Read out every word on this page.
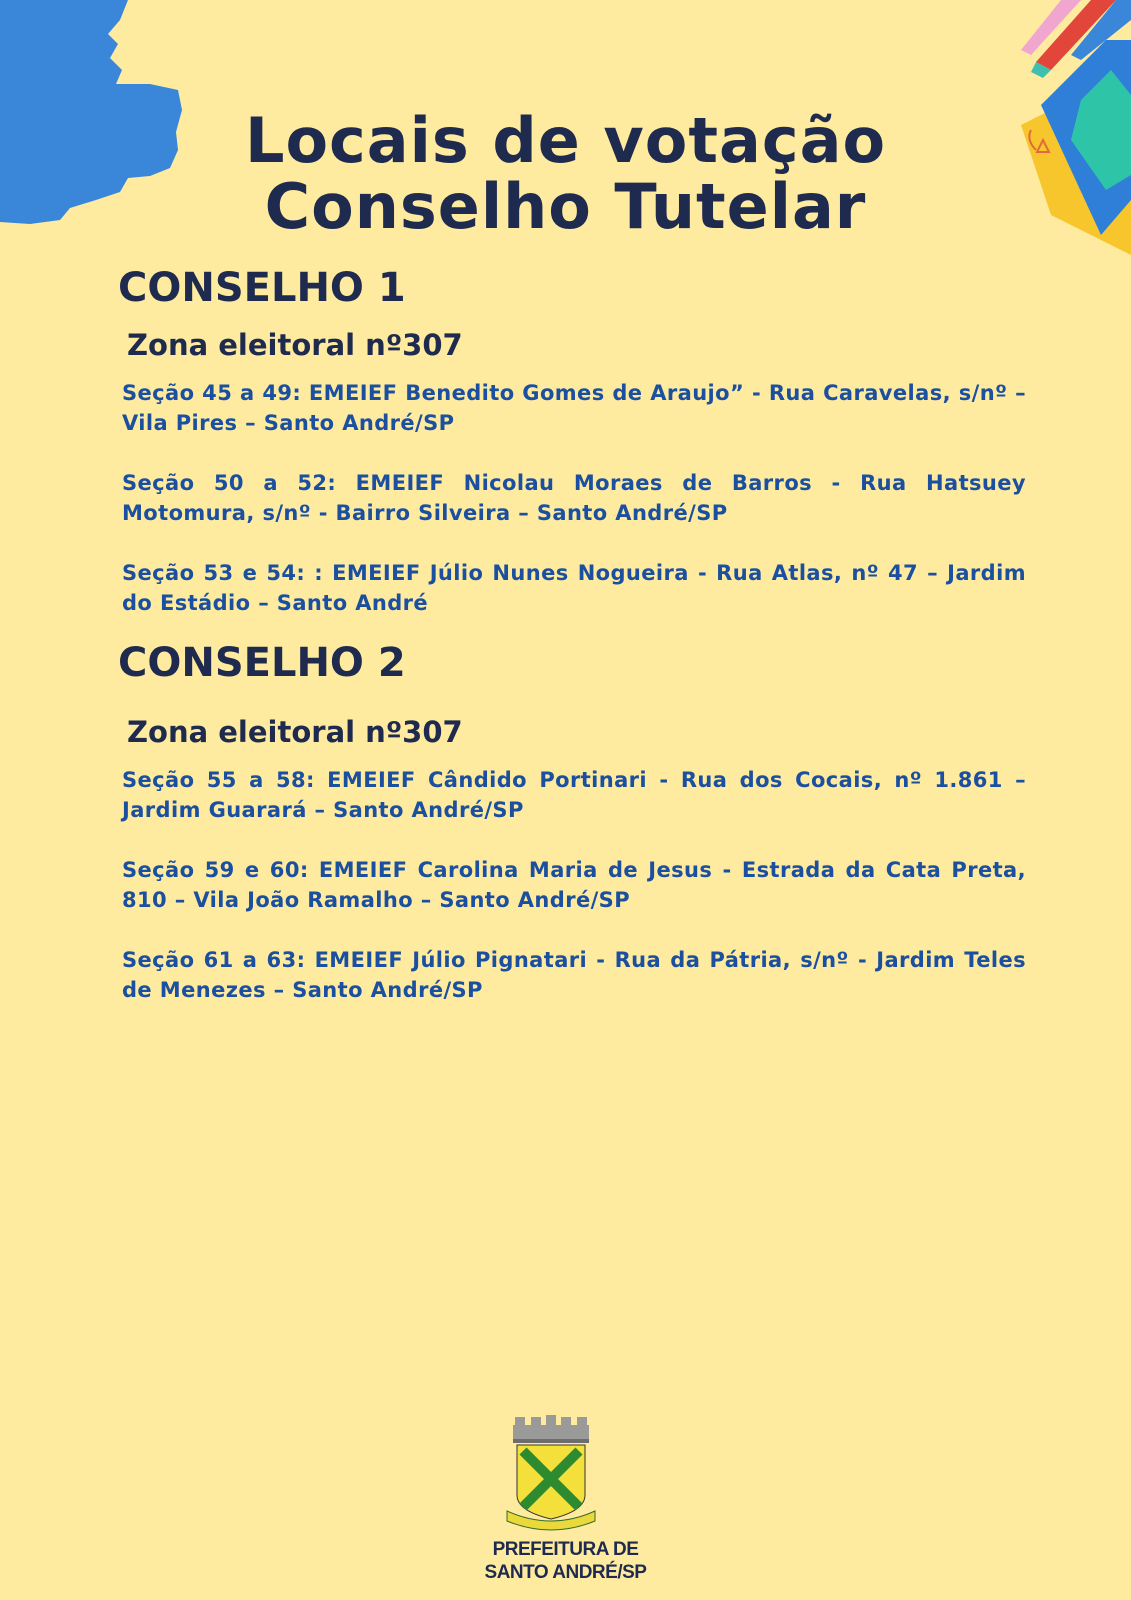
Locais de votação
Conselho Tutelar
CONSELHO 1
Zona eleitoral nº307

Seção 45 a 49: EMEIEF Benedito Gomes de Araujo” - Rua Caravelas, s/nº – Vila Pires – Santo André/SP

Seção 50 a 52: EMEIEF Nicolau Moraes de Barros - Rua Hatsuey Motomura, s/nº - Bairro Silveira – Santo André/SP

Seção 53 e 54: : EMEIEF Júlio Nunes Nogueira - Rua Atlas, nº 47 – Jardim do Estádio – Santo André

CONSELHO 2
Zona eleitoral nº307

Seção 55 a 58: EMEIEF Cândido Portinari - Rua dos Cocais, nº 1.861 – Jardim Guarará – Santo André/SP

Seção 59 e 60: EMEIEF Carolina Maria de Jesus - Estrada da Cata Preta, 810 – Vila João Ramalho – Santo André/SP

Seção 61 a 63: EMEIEF Júlio Pignatari - Rua da Pátria, s/nº - Jardim Teles de Menezes – Santo André/SP

PREFEITURA DE
SANTO ANDRÉ/SP
